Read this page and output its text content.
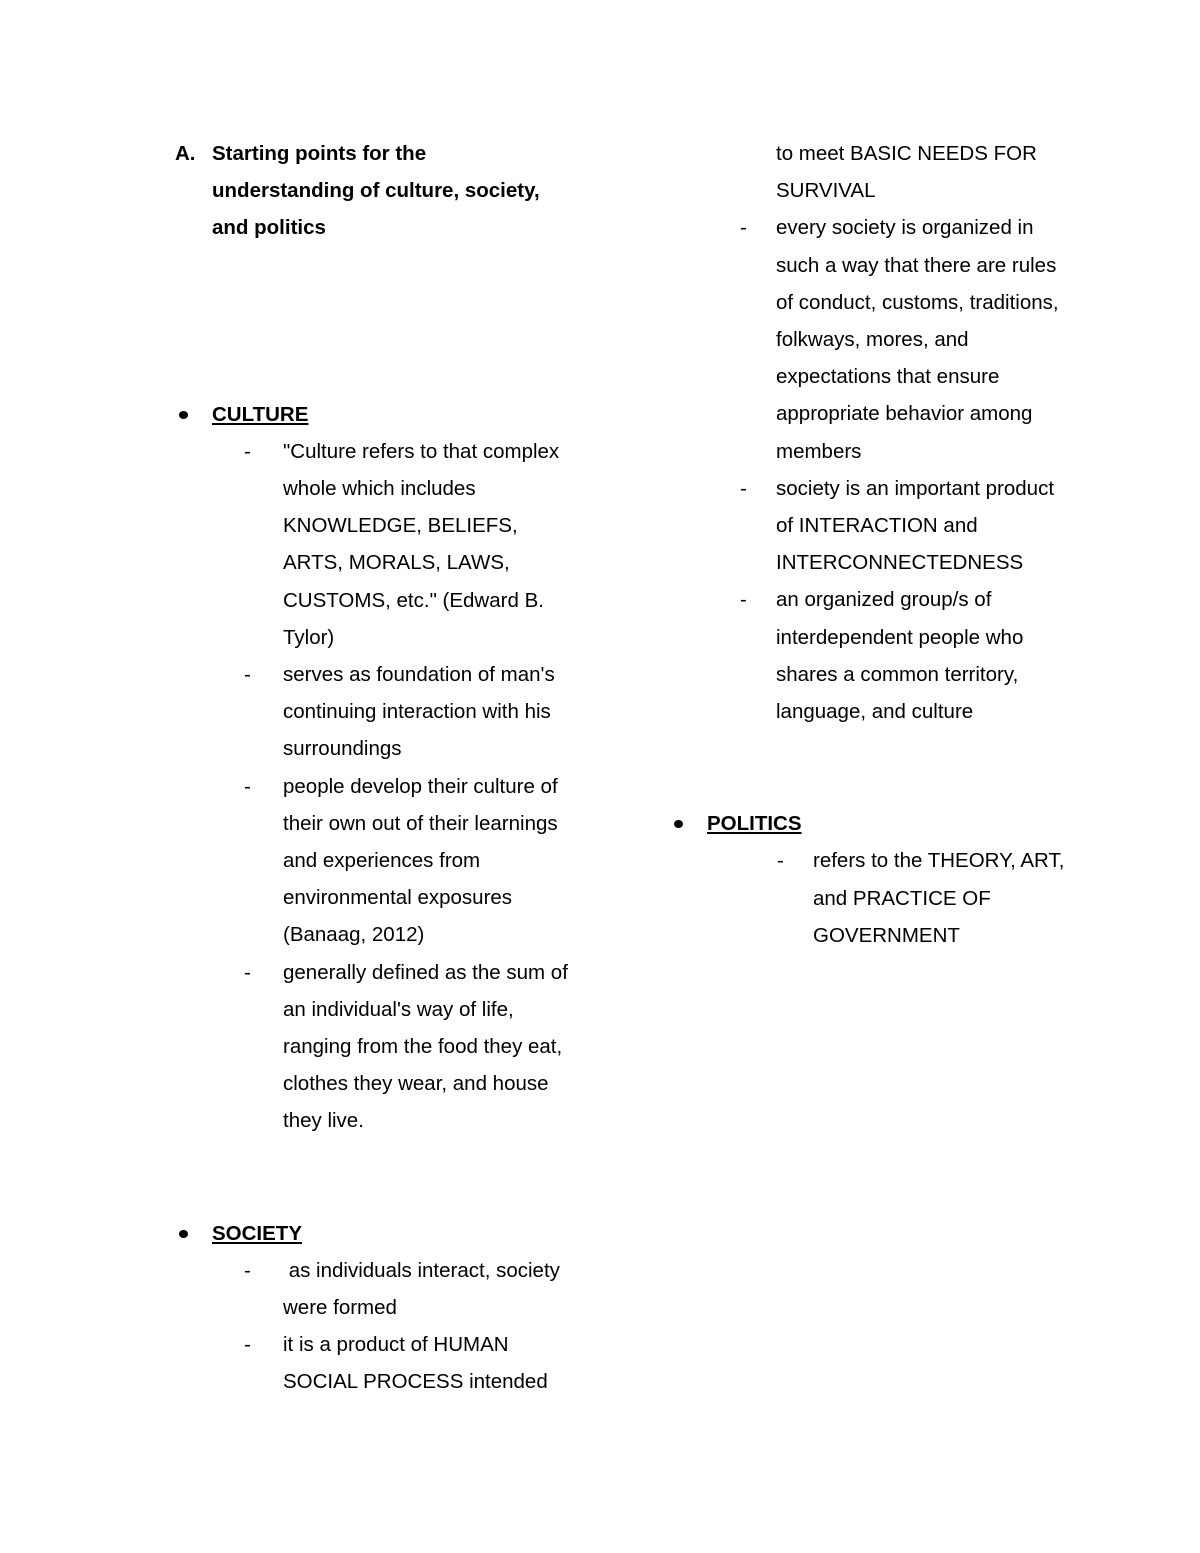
A. Starting points for the understanding of culture, society, and politics
CULTURE
- "Culture refers to that complex whole which includes KNOWLEDGE, BELIEFS, ARTS, MORALS, LAWS, CUSTOMS, etc." (Edward B. Tylor)
- serves as foundation of man's continuing interaction with his surroundings
- people develop their culture of their own out of their learnings and experiences from environmental exposures (Banaag, 2012)
- generally defined as the sum of an individual's way of life, ranging from the food they eat, clothes they wear, and house they live.
SOCIETY
- as individuals interact, society were formed
- it is a product of HUMAN SOCIAL PROCESS intended
to meet BASIC NEEDS FOR SURVIVAL
- every society is organized in such a way that there are rules of conduct, customs, traditions, folkways, mores, and expectations that ensure appropriate behavior among members
- society is an important product of INTERACTION and INTERCONNECTEDNESS
- an organized group/s of interdependent people who shares a common territory, language, and culture
POLITICS
- refers to the THEORY, ART, and PRACTICE OF GOVERNMENT
